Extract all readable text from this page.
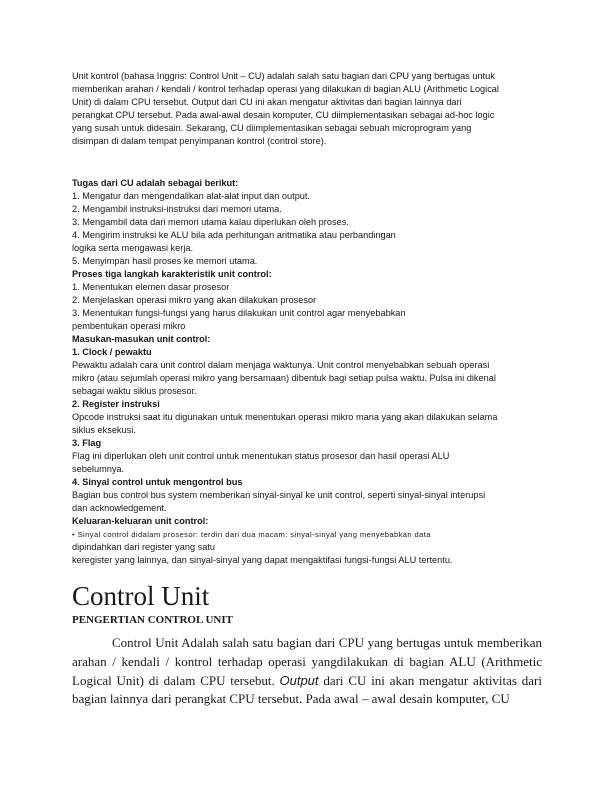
Unit kontrol (bahasa Inggris: Control Unit – CU) adalah salah satu bagian dari CPU yang bertugas untuk
memberikan arahan / kendali / kontrol terhadap operasi yang dilakukan di bagian ALU (Arithmetic Logical
Unit) di dalam CPU tersebut. Output dari CU ini akan mengatur aktivitas dari bagian lainnya dari
perangkat CPU tersebut. Pada awal-awal desain komputer, CU diimplementasikan sebagai ad-hoc logic
yang susah untuk didesain. Sekarang, CU diimplementasikan sebagai sebuah microprogram yang
disimpan di dalam tempat penyimpanan kontrol (control store).
Tugas dari CU adalah sebagai berikut:
1. Mengatur dan mengendalikan alat-alat input dan output.
2. Mengambil instruksi-instruksi dari memori utama.
3. Mengambil data dari memori utama kalau diperlukan oleh proses.
4. Mengirim instruksi ke ALU bila ada perhitungan aritmatika atau perbandingan
logika serta mengawasi kerja.
5. Menyimpan hasil proses ke memori utama.
Proses tiga langkah karakteristik unit control:
1. Menentukan elemen dasar prosesor
2. Menjelaskan operasi mikro yang akan dilakukan prosesor
3. Menentukan fungsi-fungsi yang harus dilakukan unit control agar menyebabkan
pembentukan operasi mikro
Masukan-masukan unit control:
1. Clock / pewaktu
Pewaktu adalah cara unit control dalam menjaga waktunya. Unit control menyebabkan sebuah operasi
mikro (atau sejumlah operasi mikro yang bersamaan) dibentuk bagi setiap pulsa waktu. Pulsa ini dikenal
sebagai waktu siklus prosesor.
2. Register instruksi
Opcode instruksi saat itu digunakan untuk menentukan operasi mikro mana yang akan dilakukan selama
siklus eksekusi.
3. Flag
Flag ini diperlukan oleh unit control untuk menentukan status prosesor dan hasil operasi ALU
sebelumnya.
4. Sinyal control untuk mengontrol bus
Bagian bus control bus system memberikan sinyal-sinyal ke unit control, seperti sinyal-sinyal interupsi
dan acknowledgement.
Keluaran-keluaran unit control:
• Sinyal control didalam prosesor: terdiri dari dua macam: sinyal-sinyal yang menyebabkan data
dipindahkan dari register yang satu
keregister yang lainnya, dan sinyal-sinyal yang dapat mengaktifasi fungsi-fungsi ALU tertentu.
Control Unit
PENGERTIAN CONTROL UNIT

Control Unit Adalah salah satu bagian dari CPU yang bertugas untuk memberikan arahan / kendali / kontrol terhadap operasi yangdilakukan di bagian ALU (Arithmetic Logical Unit) di dalam CPU tersebut. Output dari CU ini akan mengatur aktivitas dari bagian lainnya dari perangkat CPU tersebut. Pada awal – awal desain komputer, CU
